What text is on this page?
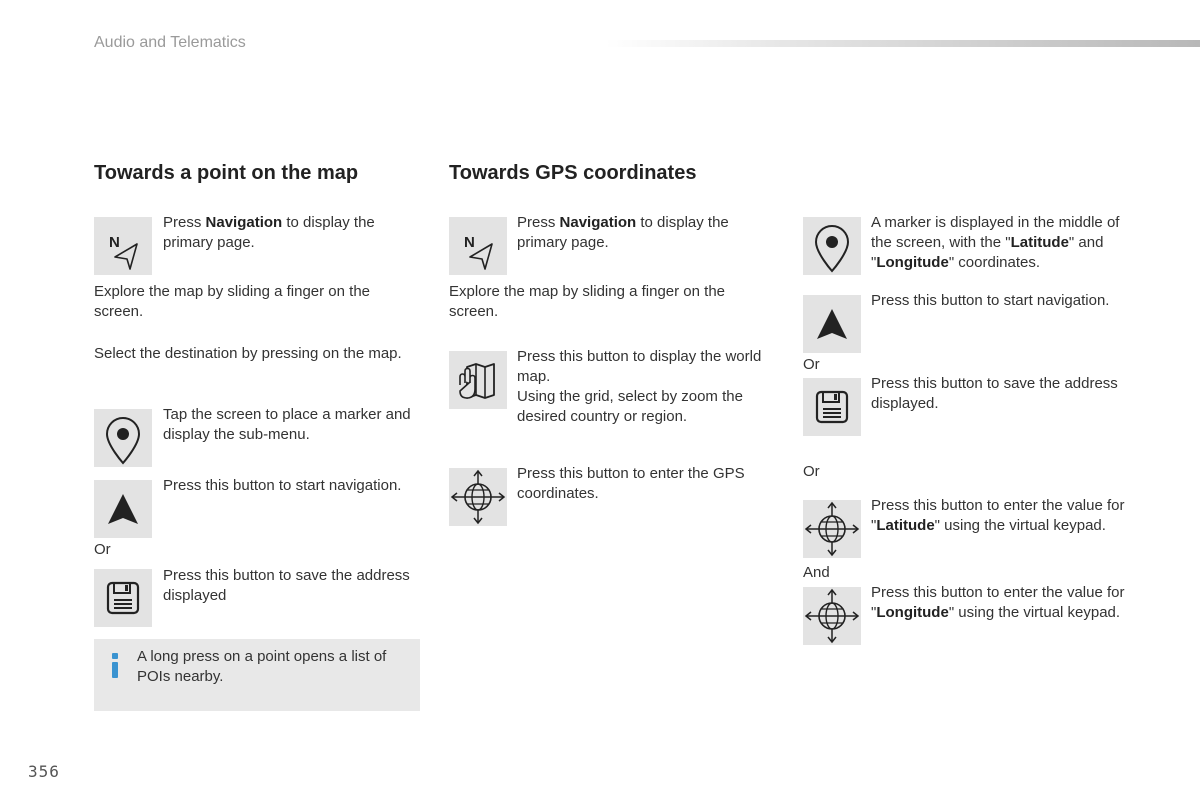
Audio and Telematics
Towards a point on the map
Press Navigation to display the primary page.
Explore the map by sliding a finger on the screen.
Select the destination by pressing on the map.
Tap the screen to place a marker and display the sub-menu.
Press this button to start navigation.
Or
Press this button to save the address displayed
A long press on a point opens a list of POIs nearby.
Towards GPS coordinates
Press Navigation to display the primary page.
Explore the map by sliding a finger on the screen.
Press this button to display the world map.
Using the grid, select by zoom the desired country or region.
Press this button to enter the GPS coordinates.
A marker is displayed in the middle of the screen, with the "Latitude" and "Longitude" coordinates.
Press this button to start navigation.
Or
Press this button to save the address displayed.
Or
Press this button to enter the value for "Latitude" using the virtual keypad.
And
Press this button to enter the value for "Longitude" using the virtual keypad.
356
